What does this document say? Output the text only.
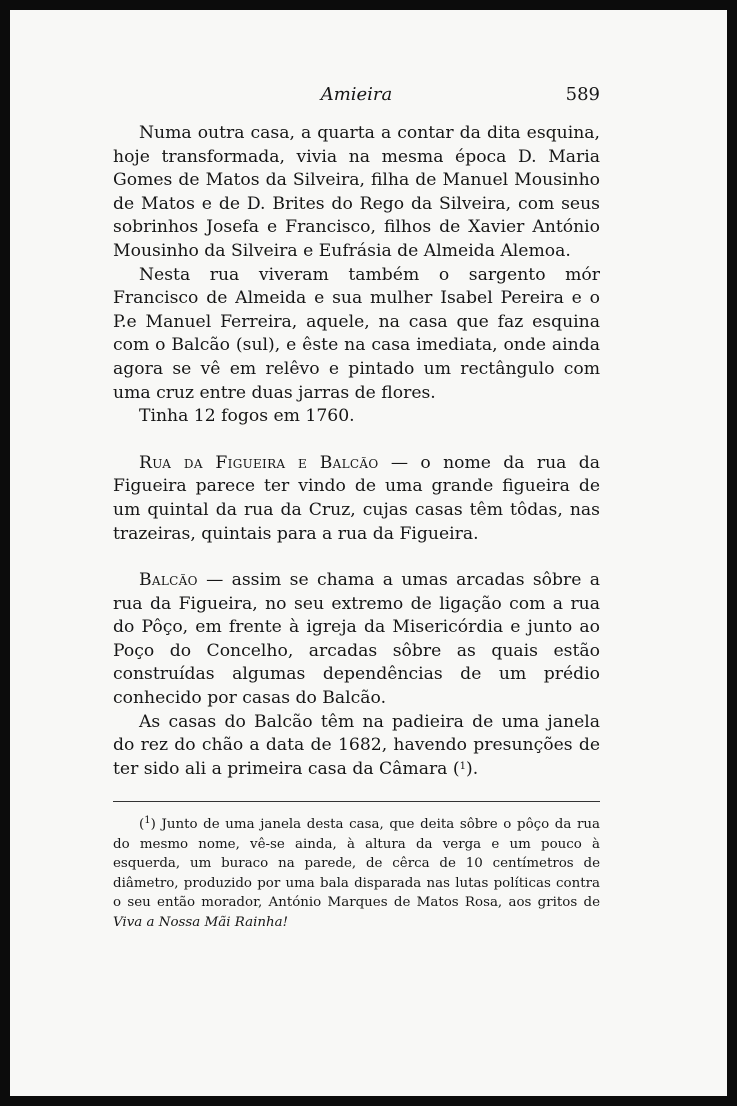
Amieira	589

Numa outra casa, a quarta a contar da dita esquina, hoje transformada, vivia na mesma época D. Maria Gomes de Matos da Silveira, filha de Manuel Mousinho de Matos e de D. Brites do Rego da Silveira, com seus sobrinhos Josefa e Francisco, filhos de Xavier António Mousinho da Silveira e Eufrásia de Almeida Alemoa.

Nesta rua viveram também o sargento mór Francisco de Almeida e sua mulher Isabel Pereira e o P.e Manuel Ferreira, aquele, na casa que faz esquina com o Balcão (sul), e êste na casa imediata, onde ainda agora se vê em relêvo e pintado um rectângulo com uma cruz entre duas jarras de flores.

Tinha 12 fogos em 1760.

Rua da Figueira e Balcão — o nome da rua da Figueira parece ter vindo de uma grande figueira de um quintal da rua da Cruz, cujas casas têm tôdas, nas trazeiras, quintais para a rua da Figueira.

Balcão — assim se chama a umas arcadas sôbre a rua da Figueira, no seu extremo de ligação com a rua do Pôço, em frente à igreja da Misericórdia e junto ao Poço do Concelho, arcadas sôbre as quais estão construídas algumas dependências de um prédio conhecido por casas do Balcão.

As casas do Balcão têm na padieira de uma janela do rez do chão a data de 1682, havendo presunções de ter sido ali a primeira casa da Câmara ($^1$).

($^1$) Junto de uma janela desta casa, que deita sôbre o pôço da rua do mesmo nome, vê-se ainda, à altura da verga e um pouco à esquerda, um buraco na parede, de cêrca de 10 centímetros de diâmetro, produzido por uma bala disparada nas lutas políticas contra o seu então morador, António Marques de Matos Rosa, aos gritos de Viva a Nossa Mãi Rainha!
